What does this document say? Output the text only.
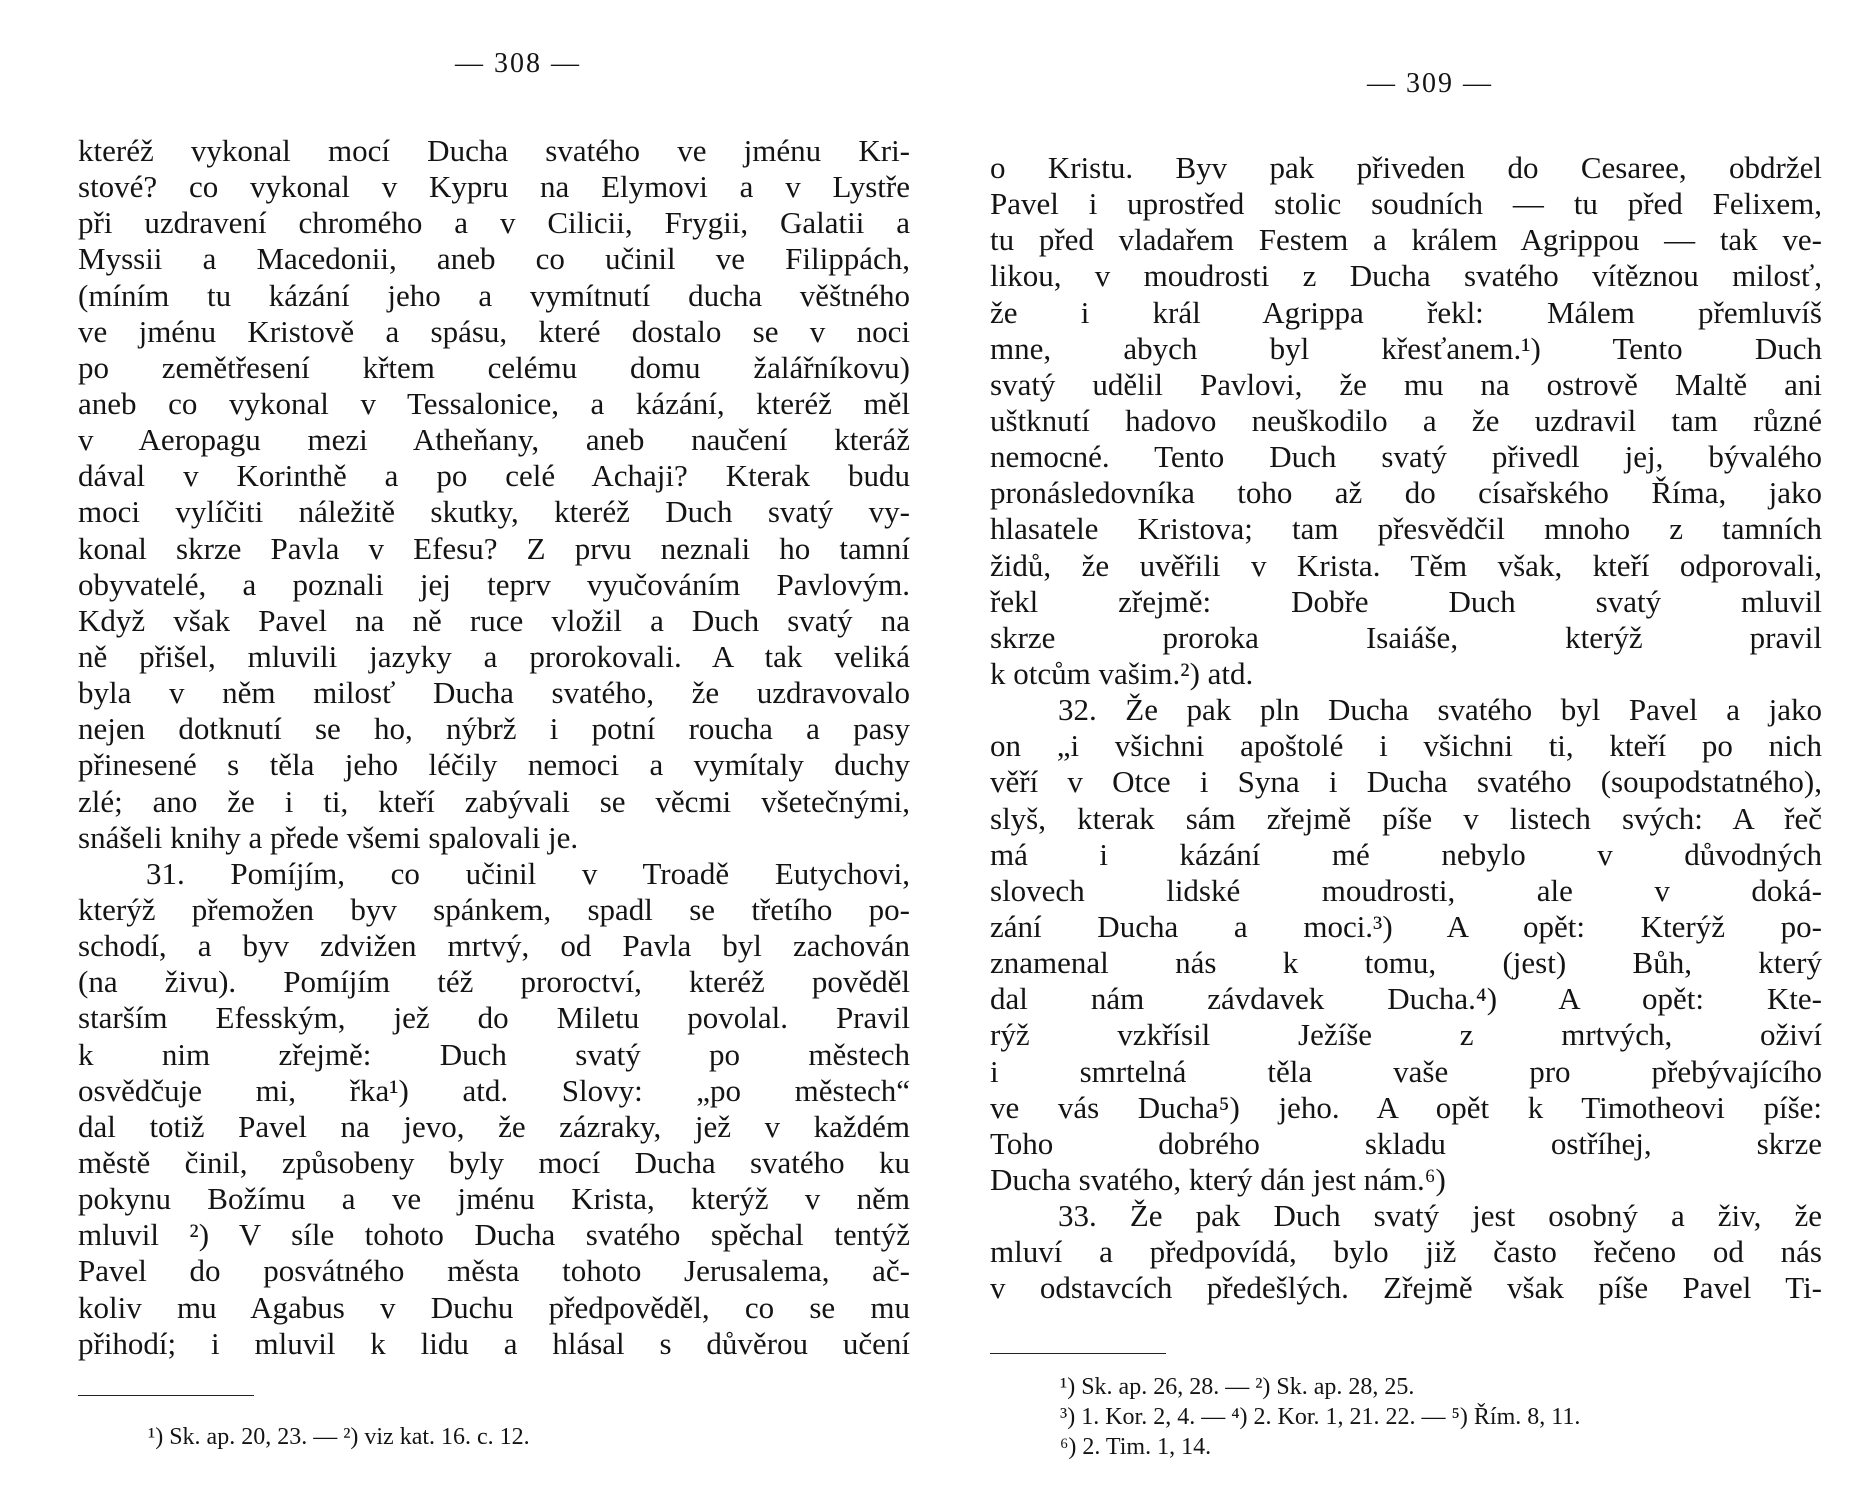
— 308 —
kteréž vykonal mocí Ducha svatého ve jménu Kri-
stové? co vykonal v Kypru na Elymovi a v Lystře
při uzdravení chromého a v Cilicii, Frygii, Galatii a
Myssii a Macedonii, aneb co učinil ve Filippách,
(míním tu kázání jeho a vymítnutí ducha věštného
ve jménu Kristově a spásu, které dostalo se v noci
po zemětřesení křtem celému domu žalářníkovu)
aneb co vykonal v Tessalonice, a kázání, kteréž měl
v Aeropagu mezi Atheňany, aneb naučení kteráž
dával v Korinthě a po celé Achaji? Kterak budu
moci vylíčiti náležitě skutky, kteréž Duch svatý vy-
konal skrze Pavla v Efesu? Z prvu neznali ho tamní
obyvatelé, a poznali jej teprv vyučováním Pavlovým.
Když však Pavel na ně ruce vložil a Duch svatý na
ně přišel, mluvili jazyky a prorokovali. A tak veliká
byla v něm milosť Ducha svatého, že uzdravovalo
nejen dotknutí se ho, nýbrž i potní roucha a pasy
přinesené s těla jeho léčily nemoci a vymítaly duchy
zlé; ano že i ti, kteří zabývali se věcmi všetečnými,
snášeli knihy a přede všemi spalovali je.
31. Pomíjím, co učinil v Troadě Eutychovi,
kterýž přemožen byv spánkem, spadl se třetího po-
schodí, a byv zdvižen mrtvý, od Pavla byl zachován
(na živu). Pomíjím též proroctví, kteréž pověděl
starším Efesským, jež do Miletu povolal. Pravil
k nim zřejmě: Duch svatý po městech
osvědčuje mi, řka¹) atd. Slovy: „po městech“
dal totiž Pavel na jevo, že zázraky, jež v každém
městě činil, způsobeny byly mocí Ducha svatého ku
pokynu Božímu a ve jménu Krista, kterýž v něm
mluvil ²) V síle tohoto Ducha svatého spěchal tentýž
Pavel do posvátného města tohoto Jerusalema, ač-
koliv mu Agabus v Duchu předpověděl, co se mu
přihodí; i mluvil k lidu a hlásal s důvěrou učení
¹) Sk. ap. 20, 23. — ²) viz kat. 16. c. 12.
— 309 —
o Kristu. Byv pak přiveden do Cesaree, obdržel
Pavel i uprostřed stolic soudních — tu před Felixem,
tu před vladařem Festem a králem Agrippou — tak ve-
likou, v moudrosti z Ducha svatého vítěznou milosť,
že i král Agrippa řekl: Málem přemluvíš
mne, abych byl křesťanem.¹) Tento Duch
svatý udělil Pavlovi, že mu na ostrově Maltě ani
uštknutí hadovo neuškodilo a že uzdravil tam různé
nemocné. Tento Duch svatý přivedl jej, bývalého
pronásledovníka toho až do císařského Říma, jako
hlasatele Kristova; tam přesvědčil mnoho z tamních
židů, že uvěřili v Krista. Těm však, kteří odporovali,
řekl zřejmě: Dobře Duch svatý mluvil
skrze proroka Isaiáše, kterýž pravil
k otcům vašim.²) atd.
32. Že pak pln Ducha svatého byl Pavel a jako
on „i všichni apoštolé i všichni ti, kteří po nich
věří v Otce i Syna i Ducha svatého (soupodstatného),
slyš, kterak sám zřejmě píše v listech svých: A řeč
má i kázání mé nebylo v důvodných
slovech lidské moudrosti, ale v doká-
zání Ducha a moci.³) A opět: Kterýž po-
znamenal nás k tomu, (jest) Bůh, který
dal nám závdavek Ducha.⁴) A opět: Kte-
rýž vzkřísil Ježíše z mrtvých, oživí
i smrtelná těla vaše pro přebývajícího
ve vás Ducha⁵) jeho. A opět k Timotheovi píše:
Toho dobrého skladu ostříhej, skrze
Ducha svatého, který dán jest nám.⁶)
33. Že pak Duch svatý jest osobný a živ, že
mluví a předpovídá, bylo již často řečeno od nás
v odstavcích předešlých. Zřejmě však píše Pavel Ti-
¹) Sk. ap. 26, 28. — ²) Sk. ap. 28, 25.
³) 1. Kor. 2, 4. — ⁴) 2. Kor. 1, 21. 22. — ⁵) Řím. 8, 11.
⁶) 2. Tim. 1, 14.
